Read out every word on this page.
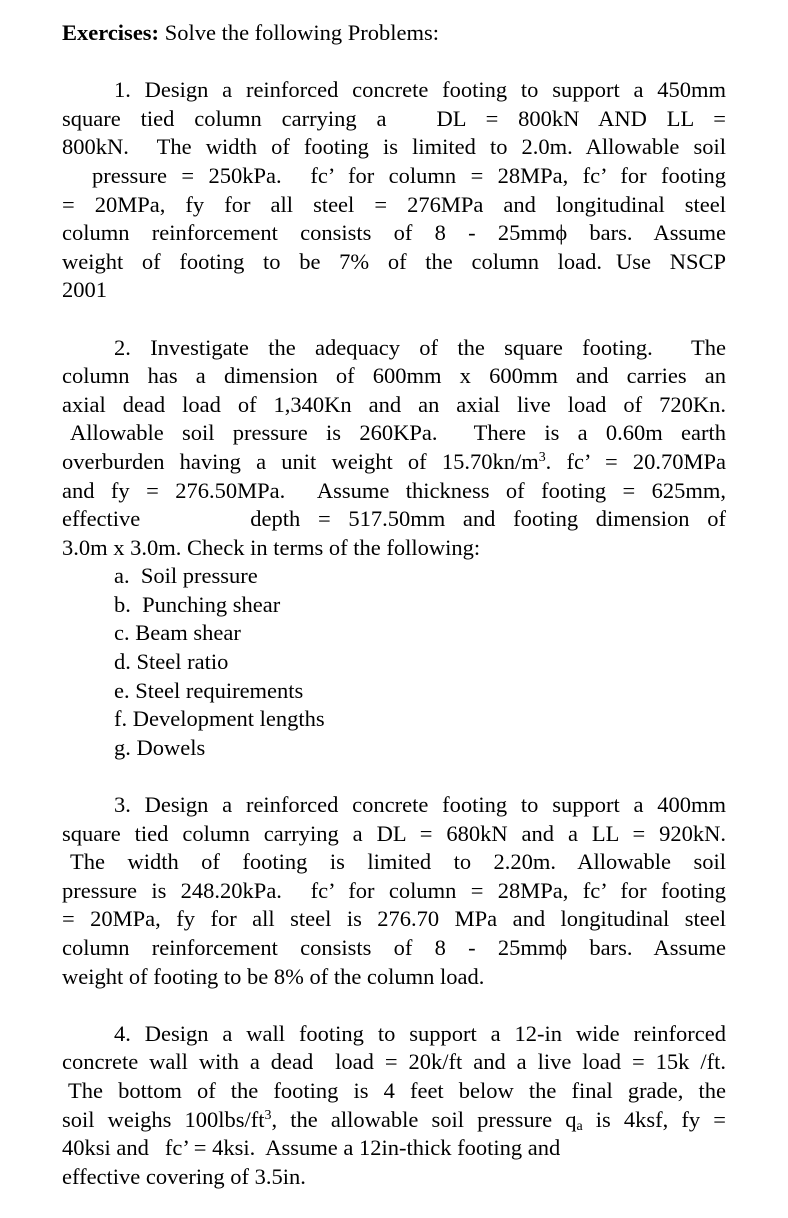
Exercises: Solve the following Problems:
1. Design a reinforced concrete footing to support a 450mm
square tied column carrying a DL = 800kN AND LL =
800kN.  The width of footing is limited to 2.0m. Allowable soil
pressure = 250kPa.  fc’ for column = 28MPa, fc’ for footing
= 20MPa, fy for all steel = 276MPa and longitudinal steel
column reinforcement consists of 8 - 25mmϕ bars. Assume
weight of footing to be 7% of the column load. Use NSCP
2001
2. Investigate the adequacy of the square footing.  The
column has a dimension of 600mm x 600mm and carries an
axial dead load of 1,340Kn and an axial live load of 720Kn.
Allowable soil pressure is 260KPa.  There is a 0.60m earth
overburden having a unit weight of $15.70kn/m^3$. fc’ = 20.70MPa
and fy = 276.50MPa.  Assume thickness of footing = 625mm,
effective	depth = 517.50mm and footing dimension of
3.0m x 3.0m. Check in terms of the following:
a.  Soil pressure
b.  Punching shear
c. Beam shear
d. Steel ratio
e. Steel requirements
f. Development lengths
g. Dowels
3. Design a reinforced concrete footing to support a 400mm
square tied column carrying a DL = 680kN and a LL = 920kN.
The width of footing is limited to 2.20m. Allowable soil
pressure is 248.20kPa.  fc’ for column = 28MPa, fc’ for footing
= 20MPa, fy for all steel is 276.70 MPa and longitudinal steel
column reinforcement consists of 8 - 25mmϕ bars. Assume
weight of footing to be 8% of the column load.
4. Design a wall footing to support a 12-in wide reinforced
concrete wall with a dead  load = 20k/ft and a live load = 15k /ft.
The bottom of the footing is 4 feet below the final grade, the
soil weighs $100lbs/ft^3$, the allowable soil pressure qa is 4ksf, fy =
40ksi and fc’ = 4ksi.  Assume a 12in-thick footing and
effective covering of 3.5in.
